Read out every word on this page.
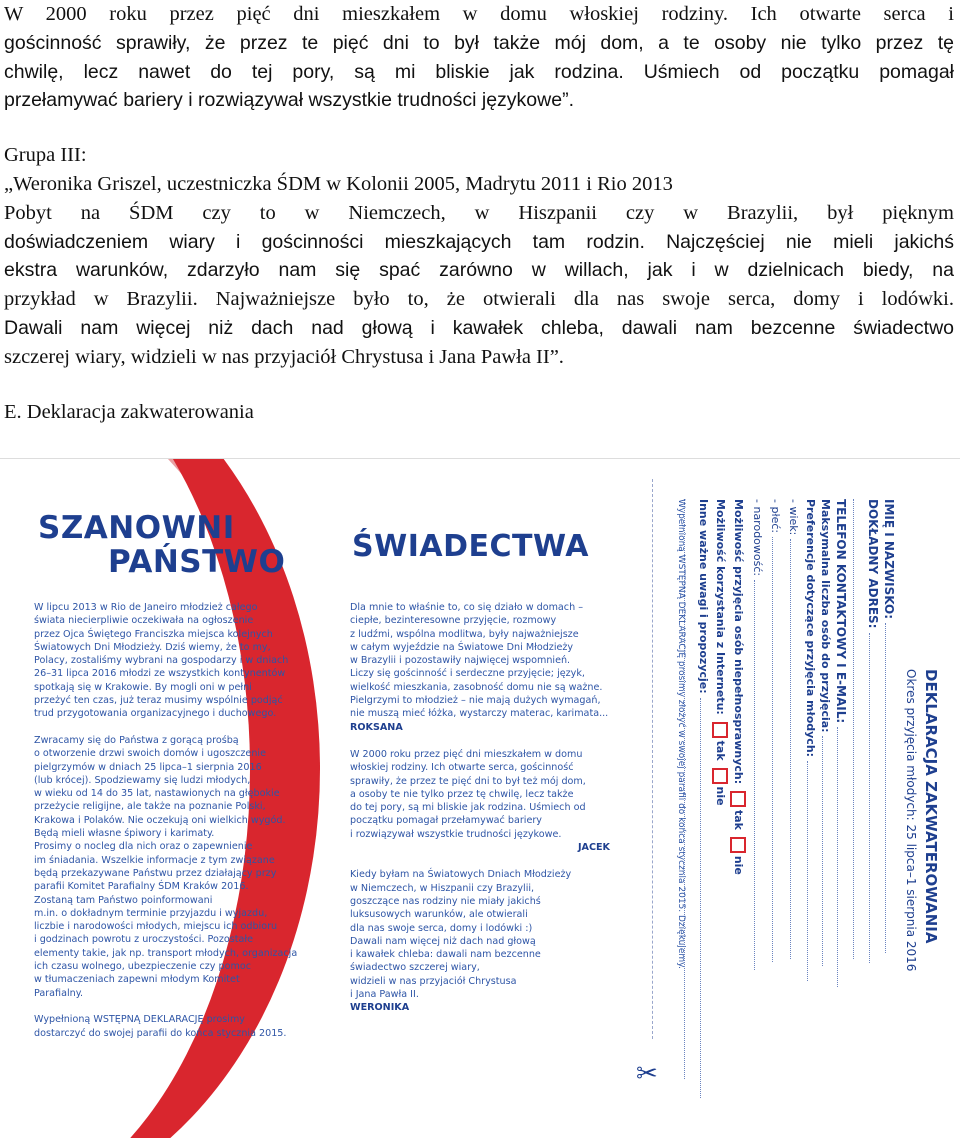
W 2000 roku przez pięć dni mieszkałem w domu włoskiej rodziny. Ich otwarte serca i
gościnność sprawiły, że przez te pięć dni to był także mój dom, a te osoby nie tylko przez tę
chwilę, lecz nawet do tej pory, są mi bliskie jak rodzina. Uśmiech od początku pomagał
przełamywać bariery i rozwiązywał wszystkie trudności językowe”.

Grupa III:

„Weronika Griszel, uczestniczka ŚDM w Kolonii 2005, Madrytu 2011 i Rio 2013

Pobyt na ŚDM czy to w Niemczech, w Hiszpanii czy w Brazylii, był pięknym
doświadczeniem wiary i gościnności mieszkających tam rodzin. Najczęściej nie mieli jakichś
ekstra warunków, zdarzyło nam się spać zarówno w willach, jak i w dzielnicach biedy, na
przykład w Brazylii. Najważniejsze było to, że otwierali dla nas swoje serca, domy i lodówki.
Dawali nam więcej niż dach nad głową i kawałek chleba, dawali nam bezcenne świadectwo
szczerej wiary, widzieli w nas przyjaciół Chrystusa i Jana Pawła II”.

E. Deklaracja zakwaterowania

SZANOWNI
PAŃSTWO
W lipcu 2013 w Rio de Janeiro młodzież całego
świata niecierpliwie oczekiwała na ogłoszenie
przez Ojca Świętego Franciszka miejsca kolejnych
Światowych Dni Młodzieży. Dziś wiemy, że to my,
Polacy, zostaliśmy wybrani na gospodarzy i w dniach
26–31 lipca 2016 młodzi ze wszystkich kontynentów
spotkają się w Krakowie. By mogli oni w pełni
przeżyć ten czas, już teraz musimy wspólnie podjąć
trud przygotowania organizacyjnego i duchowego.
Zwracamy się do Państwa z gorącą prośbą
o otworzenie drzwi swoich domów i ugoszczenie
pielgrzymów w dniach 25 lipca–1 sierpnia 2016
(lub krócej). Spodziewamy się ludzi młodych,
w wieku od 14 do 35 lat, nastawionych na głębokie
przeżycie religijne, ale także na poznanie Polski,
Krakowa i Polaków. Nie oczekują oni wielkich wygód.
Będą mieli własne śpiwory i karimaty.
Prosimy o nocleg dla nich oraz o zapewnienie
im śniadania. Wszelkie informacje z tym związane
będą przekazywane Państwu przez działający przy
parafii Komitet Parafialny ŚDM Kraków 2016.
Zostaną tam Państwo poinformowani
m.in. o dokładnym terminie przyjazdu i wyjazdu,
liczbie i narodowości młodych, miejscu ich odbioru
i godzinach powrotu z uroczystości. Pozostałe
elementy takie, jak np. transport młodych, organizacja
ich czasu wolnego, ubezpieczenie czy pomoc
w tłumaczeniach zapewni młodym Komitet
Parafialny.
Wypełnioną WSTĘPNĄ DEKLARACJĘ prosimy
dostarczyć do swojej parafii do końca stycznia 2015.
ŚWIADECTWA
Dla mnie to właśnie to, co się działo w domach –
ciepłe, bezinteresowne przyjęcie, rozmowy
z ludźmi, wspólna modlitwa, były najważniejsze
w całym wyjeździe na Światowe Dni Młodzieży
w Brazylii i pozostawiły najwięcej wspomnień.
Liczy się gościnność i serdeczne przyjęcie; język,
wielkość mieszkania, zasobność domu nie są ważne.
Pielgrzymi to młodzież – nie mają dużych wymagań,
nie muszą mieć łóżka, wystarczy materac, karimata...
ROKSANA
W 2000 roku przez pięć dni mieszkałem w domu
włoskiej rodziny. Ich otwarte serca, gościnność
sprawiły, że przez te pięć dni to był też mój dom,
a osoby te nie tylko przez tę chwilę, lecz także
do tej pory, są mi bliskie jak rodzina. Uśmiech od
początku pomagał przełamywać bariery
i rozwiązywał wszystkie trudności językowe.
JACEK
Kiedy byłam na Światowych Dniach Młodzieży
w Niemczech, w Hiszpanii czy Brazylii,
goszczące nas rodziny nie miały jakichś
luksusowych warunków, ale otwierali
dla nas swoje serca, domy i lodówki :)
Dawali nam więcej niż dach nad głową
i kawałek chleba: dawali nam bezcenne
świadectwo szczerej wiary,
widzieli w nas przyjaciół Chrystusa
i Jana Pawła II.
WERONIKA
DEKLARACJA ZAKWATEROWANIA
Okres przyjęcia młodych: 25 lipca–1 sierpnia 2016
IMIĘ I NAZWISKO:
DOKŁADNY ADRES:
TELEFON KONTAKTOWY I E-MAIL:
Maksymalna liczba osób do przyjęcia:
Preferencje dotyczące przyjęcia młodych:
- wiek:
- płeć:
- narodowość:
Możliwość przyjęcia osób niepełnosprawnych: tak nie
Możliwość korzystania z Internetu: tak nie
Inne ważne uwagi i propozycje:
Wypełnioną WSTĘPNĄ DEKLARACJĘ prosimy złożyć w swojej parafii do końca stycznia 2015. Dziękujemy.
✂
